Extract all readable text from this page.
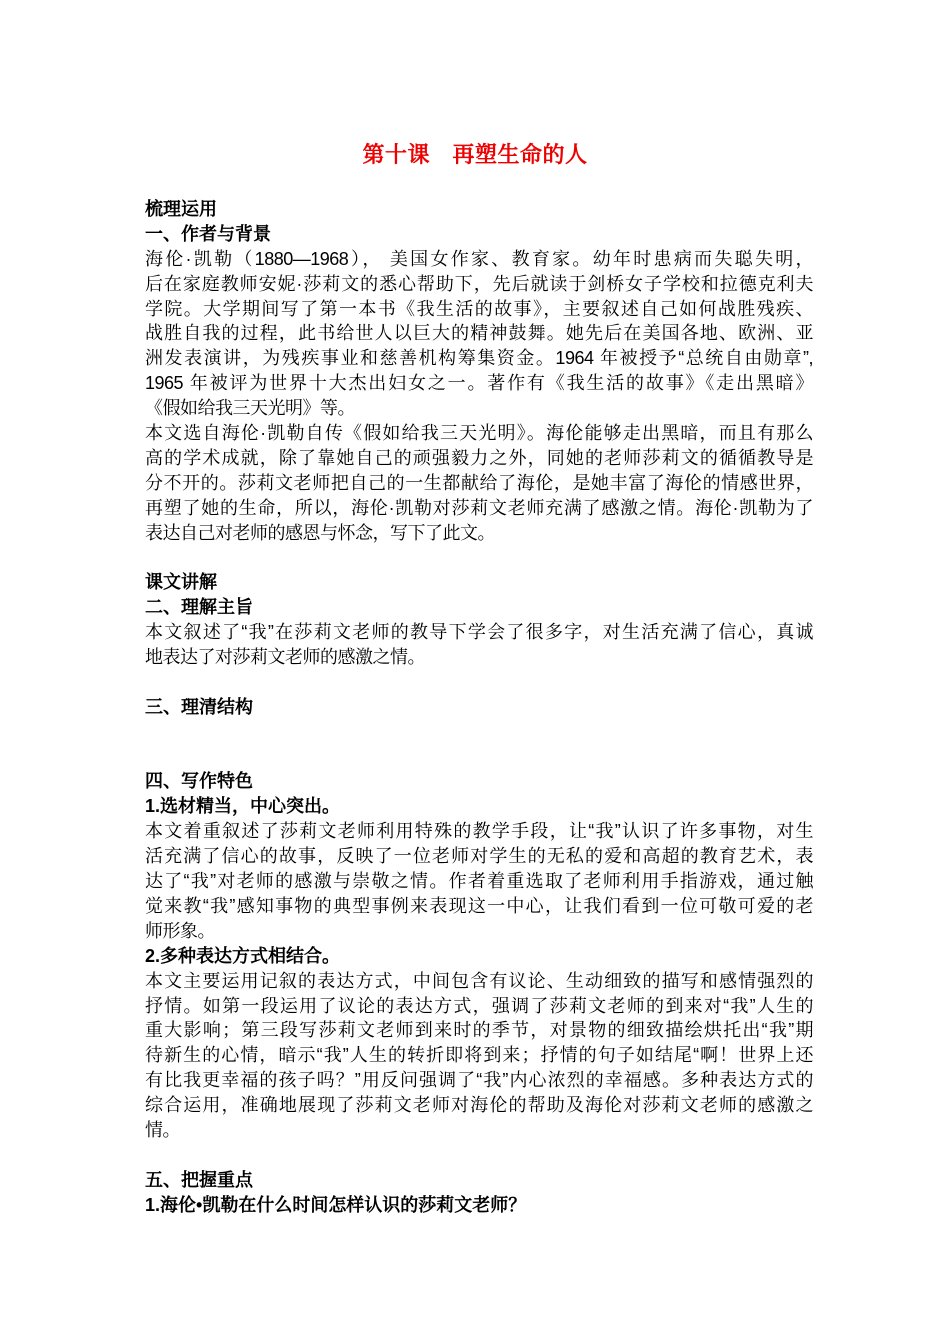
第十课　再塑生命的人
梳理运用
一、作者与背景
海伦·凯勒（1880—1968）， 美国女作家、教育家。幼年时患病而失聪失明，
后在家庭教师安妮·莎莉文的悉心帮助下，先后就读于剑桥女子学校和拉德克利夫
学院。大学期间写了第一本书《我生活的故事》，主要叙述自己如何战胜残疾、
战胜自我的过程，此书给世人以巨大的精神鼓舞。她先后在美国各地、欧洲、亚
洲发表演讲，为残疾事业和慈善机构筹集资金。1964 年被授予“总统自由勋章”,
1965 年被评为世界十大杰出妇女之一。著作有《我生活的故事》《走出黑暗》
《假如给我三天光明》等。
本文选自海伦·凯勒自传《假如给我三天光明》。海伦能够走出黑暗，而且有那么
高的学术成就，除了靠她自己的顽强毅力之外，同她的老师莎莉文的循循教导是
分不开的。莎莉文老师把自己的一生都献给了海伦，是她丰富了海伦的情感世界，
再塑了她的生命，所以，海伦·凯勒对莎莉文老师充满了感激之情。海伦·凯勒为了
表达自己对老师的感恩与怀念，写下了此文。
课文讲解
二、理解主旨
本文叙述了“我”在莎莉文老师的教导下学会了很多字，对生活充满了信心，真诚
地表达了对莎莉文老师的感激之情。
三、理清结构
四、写作特色
1.选材精当，中心突出。
本文着重叙述了莎莉文老师利用特殊的教学手段，让“我”认识了许多事物，对生
活充满了信心的故事，反映了一位老师对学生的无私的爱和高超的教育艺术，表
达了“我”对老师的感激与崇敬之情。作者着重选取了老师利用手指游戏，通过触
觉来教“我”感知事物的典型事例来表现这一中心，让我们看到一位可敬可爱的老
师形象。
2.多种表达方式相结合。
本文主要运用记叙的表达方式，中间包含有议论、生动细致的描写和感情强烈的
抒情。如第一段运用了议论的表达方式，强调了莎莉文老师的到来对“我”人生的
重大影响；第三段写莎莉文老师到来时的季节，对景物的细致描绘烘托出“我”期
待新生的心情，暗示“我”人生的转折即将到来；抒情的句子如结尾“啊！世界上还
有比我更幸福的孩子吗？”用反问强调了“我”内心浓烈的幸福感。多种表达方式的
综合运用，准确地展现了莎莉文老师对海伦的帮助及海伦对莎莉文老师的感激之
情。
五、把握重点
1.海伦•凯勒在什么时间怎样认识的莎莉文老师？
